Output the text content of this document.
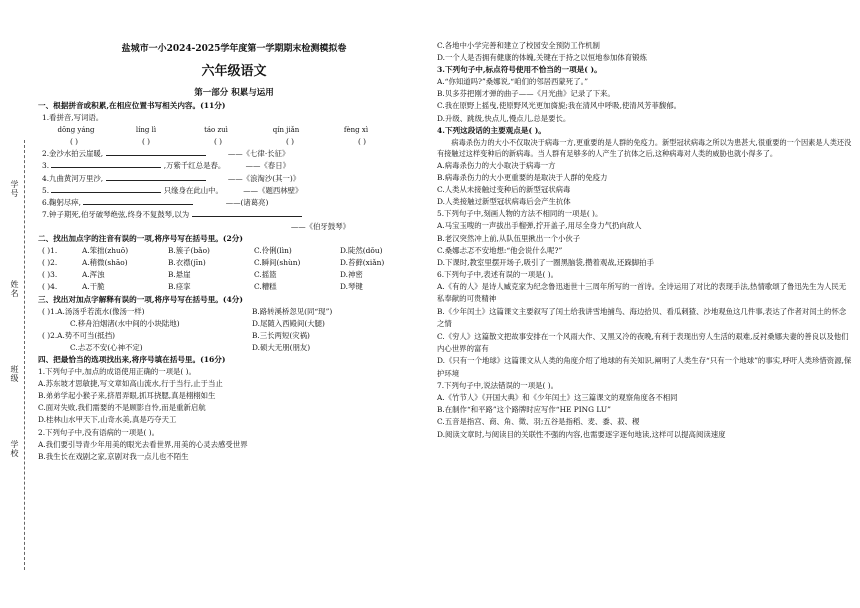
学号
姓名
班级
学校
盐城市一小2024-2025学年度第一学期期末检测模拟卷
六年级语文
第一部分 积累与运用
一、根据拼音或积累,在相应位置书写相关内容。(11分)
1.看拼音,写词语。
dōng yáng	líng lì	táo zuì	qín jiǎn	fèng xì
( )	( )	( )	( )	( )
2.金沙水拍云崖暖,	——《七律·长征》
3.	,万紫千红总是春。	——《春日》
4.九曲黄河万里沙,	——《浪淘沙(其一)》
5.	只缘身在此山中。	——《题西林壁》
6.鞠躬尽瘁,	——(诸葛亮)
7.钟子期死,伯牙破琴绝弦,终身不复鼓琴,以为
——《伯牙鼓琴》
二、找出加点字的注音有误的一项,将序号写在括号里。(2分)
( )1.	A.笨拙(zhuō)	B.簇子(bǎo)	C.伶俐(lìn)	D.陡然(dǒu)
( )2.	A.稍微(shāo)	B.衣襟(jīn)	C.瞬间(shùn)	D.苔藓(xiǎn)
( )3.	A.浑浊	B.悬崖	C.摇篮	D.神密
( )4.	A.干脆	B.痉挛	C.糟糕	D.琴键
三、找出对加点字解释有误的一项,将序号写在括号里。(4分)
( )1.A.汤汤乎若流水(像汤一样)	B.路转溪桥忽见(同“现”)
C.移舟泊烟渚(水中间的小块陆地)	D.尾随入西殿间(大腿)
( )2.A.势不可当(抵挡)	B.三长两短(灾祸)
C.忐忑不安(心神不定)	D.硕大无朋(朋友)
四、把最恰当的选项找出来,将序号填在括号里。(16分)
1.下列句子中,加点的成语使用正确的一项是( )。
A.苏东坡才思敏捷,写文章如高山流水,行于当行,止于当止
B.弟弟学起小猴子来,挤眉弄眼,抓耳挠腮,真是栩栩如生
C.面对失败,我们需要的不是顾影自怜,而是重新启航
D.桂林山水甲天下,山奇水美,真是巧夺天工
2.下列句子中,没有语病的一项是( )。
A.我们要引导青少年用美的眼光去看世界,用美的心灵去感受世界
B.我生长在戏剧之家,京剧对我一点儿也不陌生
C.各地中小学完善和建立了校园安全预防工作机制
D.一个人是否拥有健康的体魄,关键在于持之以恒地参加体育锻炼
3.下列句子中,标点符号使用不恰当的一项是( )。
A.“你知道吗?”桑娜说,“咱们的邻居西蒙死了。”
B.贝多芬把刚才弹的曲子——《月光曲》记录了下来。
C.我在原野上摇曳,使原野风光更加旖旎;我在清风中呼吸,使清风芳菲馥郁。
D.升级、跳级,快点儿,慢点儿,总是要长。
4.下列这段话的主要观点是( )。
病毒杀伤力的大小不仅取决于病毒一方,更重要的是人群的免疫力。新型冠状病毒之所以为患甚大,很重要的一个因素是人类还没有接触过这样变种后的新病毒。当人群有足够多的人产生了抗体之后,这种病毒对人类的威胁也就小得多了。
A.病毒杀伤力的大小取决于病毒一方
B.病毒杀伤力的大小更重要的是取决于人群的免疫力
C.人类从未接触过变种后的新型冠状病毒
D.人类接触过新型冠状病毒后会产生抗体
5.下列句子中,刻画人物的方法不相同的一项是( )。
A.马宝玉嗖的一声拔出手榴弹,拧开盖子,用尽全身力气扔向敌人
B.老汉突然冲上前,从队伍里揪出一个小伙子
C.桑娜忐忑不安地想:“他会说什么呢?”
D.下课时,教室里摆开场子,吸引了一圈黑脑袋,攒着观战,还跺脚拍手
6.下列句子中,表述有误的一项是( )。
A.《有的人》是诗人臧克家为纪念鲁迅逝世十三周年所写的一首诗。全诗运用了对比的表现手法,热情歌颂了鲁迅先生为人民无私奉献的可贵精神
B.《少年闰土》这篇课文主要叙写了闰土给我讲雪地捕鸟、海边拾贝、看瓜刺猹、沙地观鱼这几件事,表达了作者对闰土的怀念之情
C.《穷人》这篇散文把故事安排在一个风雨大作、又黑又冷的夜晚,有利于表现出穷人生活的艰难,反衬桑娜夫妻的善良以及他们内心世界的富有
D.《只有一个地球》这篇课文从人类的角度介绍了地球的有关知识,阐明了人类生存“只有一个地球”的事实,呼吁人类珍惜资源,保护环境
7.下列句子中,说法错误的一项是( )。
A.《竹节人》《开国大典》和《少年闰土》这三篇课文的观察角度各不相同
B.在制作“和平路”这个路牌时应写作“HE PING LU”
C.五音是指宫、商、角、徵、羽;五谷是指稻、麦、黍、菽、稷
D.阅读文章时,与阅读目的关联性不强的内容,也需要逐字逐句地读,这样可以提高阅读速度
